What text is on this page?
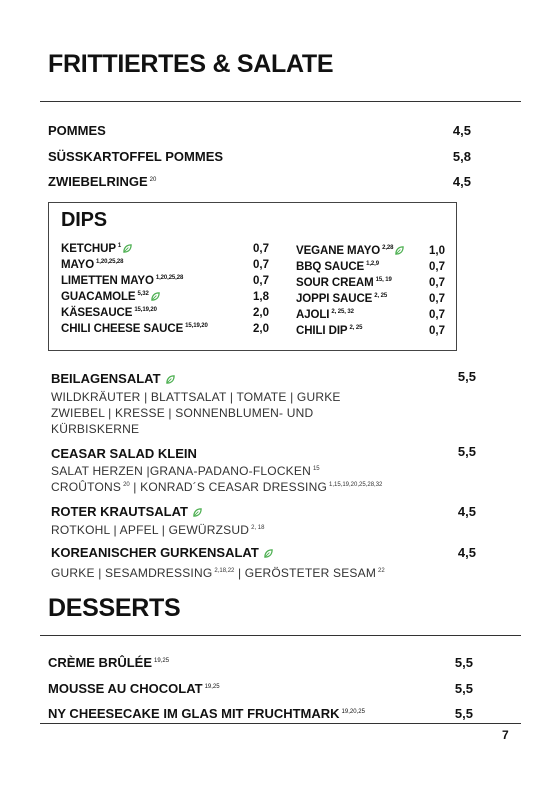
FRITTIERTES & SALATE
POMMES	4,5
SÜSSKARTOFFEL POMMES	5,8
ZWIEBELRINGE $^{20}$	4,5
DIPS
KETCHUP $^1$	0,7
MAYO $^{1,20,25,28}$	0,7
LIMETTEN MAYO $^{1,20,25,28}$	0,7
GUACAMOLE $^{5,32}$	1,8
KÄSESAUCE $^{15,19,20}$	2,0
CHILI CHEESE SAUCE $^{15,19,20}$	2,0
VEGANE MAYO $^{2,28}$	1,0
BBQ SAUCE $^{1,2,9}$	0,7
SOUR CREAM $^{15, 19}$	0,7
JOPPI SAUCE $^{2, 25}$	0,7
AJOLI $^{2, 25, 32}$	0,7
CHILI DIP $^{2, 25}$	0,7
BEILAGENSALAT	5,5
WILDKRÄUTER | BLATTSALAT | TOMATE | GURKE
ZWIEBEL | KRESSE | SONNENBLUMEN- UND
KÜRBISKERNE
CEASAR SALAD KLEIN	5,5
SALAT HERZEN |GRANA-PADANO-FLOCKEN $^{15}$
CROÛTONS $^{20}$ | KONRAD´S CEASAR DRESSING $^{1,15,19,20,25,28,32}$
ROTER KRAUTSALAT	4,5
ROTKOHL | APFEL | GEWÜRZSUD $^{2, 18}$
KOREANISCHER GURKENSALAT	4,5
GURKE | SESAMDRESSING $^{2,18,22}$ | GERÖSTETER SESAM $^{22}$
DESSERTS
CRÈME BRÛLÉE $^{19,25}$	5,5
MOUSSE AU CHOCOLAT $^{19,25}$	5,5
NY CHEESECAKE IM GLAS MIT FRUCHTMARK $^{19,20,25}$	5,5
7
